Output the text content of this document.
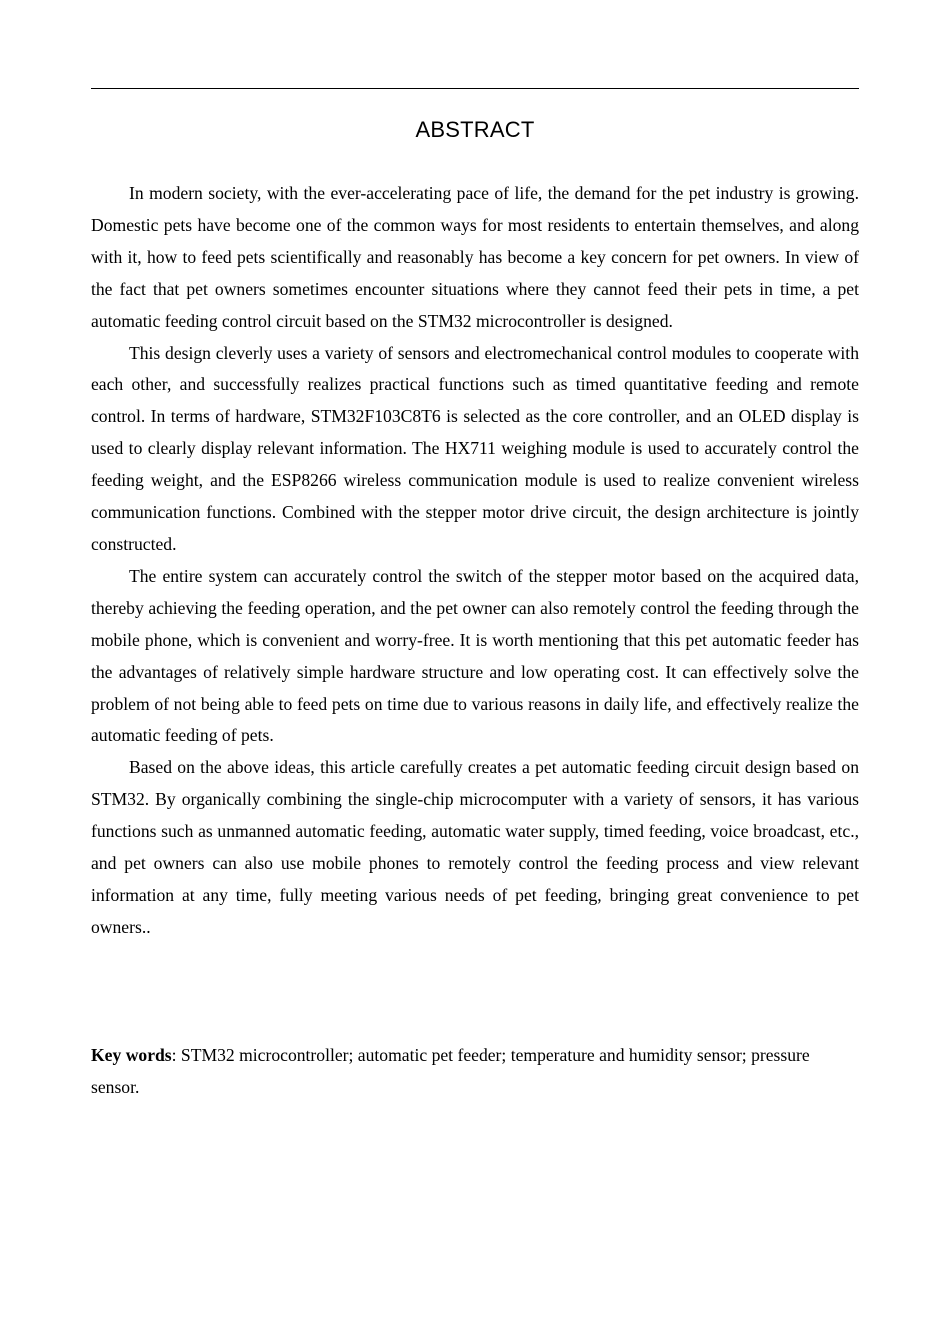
ABSTRACT

In modern society, with the ever-accelerating pace of life, the demand for the pet industry is growing. Domestic pets have become one of the common ways for most residents to entertain themselves, and along with it, how to feed pets scientifically and reasonably has become a key concern for pet owners. In view of the fact that pet owners sometimes encounter situations where they cannot feed their pets in time, a pet automatic feeding control circuit based on the STM32 microcontroller is designed.

This design cleverly uses a variety of sensors and electromechanical control modules to cooperate with each other, and successfully realizes practical functions such as timed quantitative feeding and remote control. In terms of hardware, STM32F103C8T6 is selected as the core controller, and an OLED display is used to clearly display relevant information. The HX711 weighing module is used to accurately control the feeding weight, and the ESP8266 wireless communication module is used to realize convenient wireless communication functions. Combined with the stepper motor drive circuit, the design architecture is jointly constructed.

The entire system can accurately control the switch of the stepper motor based on the acquired data, thereby achieving the feeding operation, and the pet owner can also remotely control the feeding through the mobile phone, which is convenient and worry-free. It is worth mentioning that this pet automatic feeder has the advantages of relatively simple hardware structure and low operating cost. It can effectively solve the problem of not being able to feed pets on time due to various reasons in daily life, and effectively realize the automatic feeding of pets.

Based on the above ideas, this article carefully creates a pet automatic feeding circuit design based on STM32. By organically combining the single-chip microcomputer with a variety of sensors, it has various functions such as unmanned automatic feeding, automatic water supply, timed feeding, voice broadcast, etc., and pet owners can also use mobile phones to remotely control the feeding process and view relevant information at any time, fully meeting various needs of pet feeding, bringing great convenience to pet owners..

Key words: STM32 microcontroller; automatic pet feeder; temperature and humidity sensor; pressure sensor.
